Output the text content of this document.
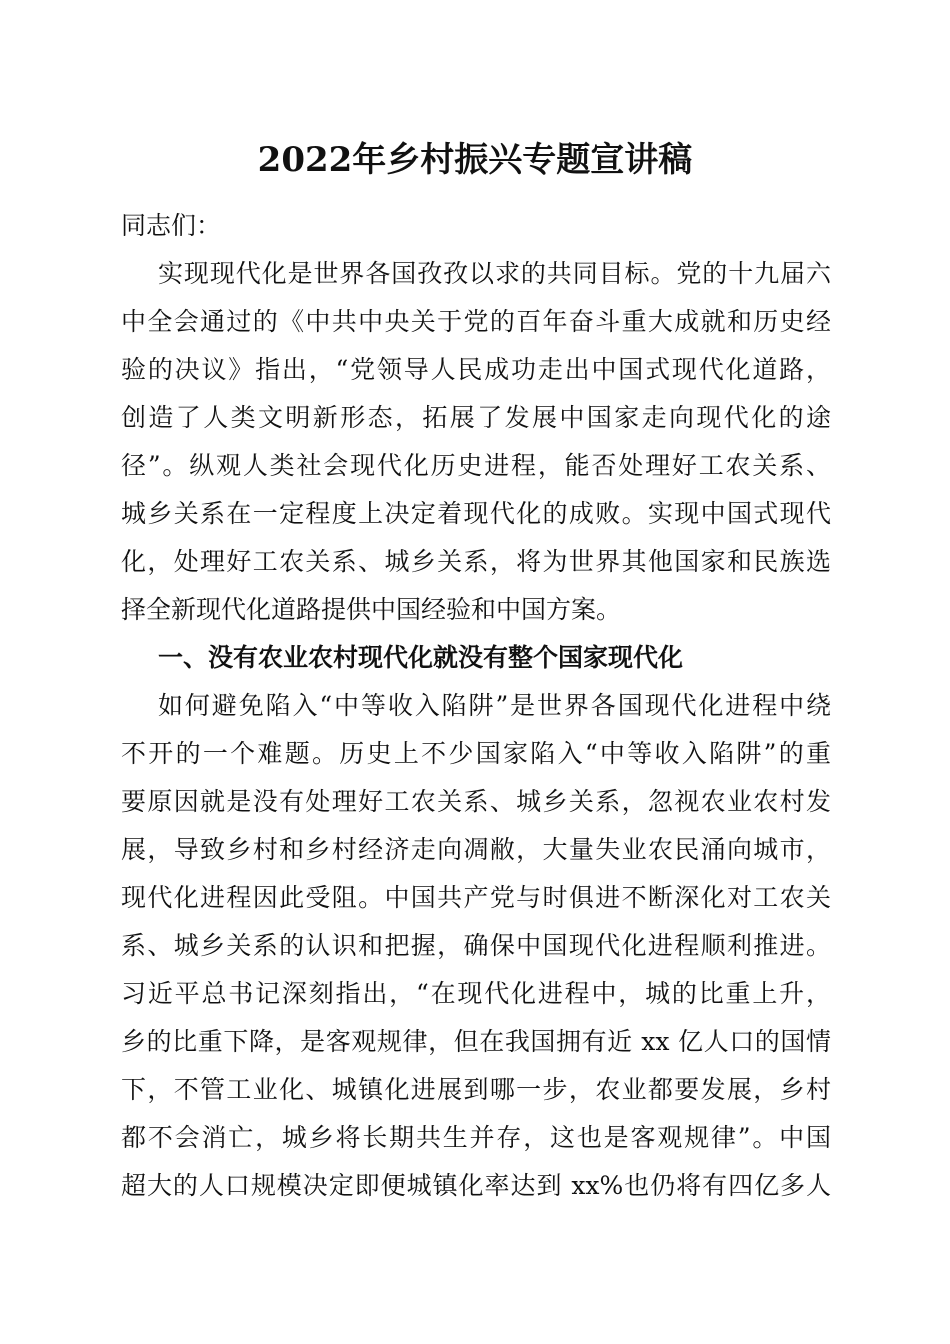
2022年乡村振兴专题宣讲稿
同志们：
实现现代化是世界各国孜孜以求的共同目标。党的十九届六
中全会通过的《中共中央关于党的百年奋斗重大成就和历史经
验的决议》指出，“党领导人民成功走出中国式现代化道路，
创造了人类文明新形态，拓展了发展中国家走向现代化的途
径”。纵观人类社会现代化历史进程，能否处理好工农关系、
城乡关系在一定程度上决定着现代化的成败。实现中国式现代
化，处理好工农关系、城乡关系，将为世界其他国家和民族选
择全新现代化道路提供中国经验和中国方案。
一、没有农业农村现代化就没有整个国家现代化
如何避免陷入“中等收入陷阱”是世界各国现代化进程中绕
不开的一个难题。历史上不少国家陷入“中等收入陷阱”的重
要原因就是没有处理好工农关系、城乡关系，忽视农业农村发
展，导致乡村和乡村经济走向凋敝，大量失业农民涌向城市，
现代化进程因此受阻。中国共产党与时俱进不断深化对工农关
系、城乡关系的认识和把握，确保中国现代化进程顺利推进。
习近平总书记深刻指出，“在现代化进程中，城的比重上升，
乡的比重下降，是客观规律，但在我国拥有近 xx 亿人口的国情
下，不管工业化、城镇化进展到哪一步，农业都要发展，乡村
都不会消亡，城乡将长期共生并存，这也是客观规律”。中国
超大的人口规模决定即便城镇化率达到 xx%也仍将有四亿多人
